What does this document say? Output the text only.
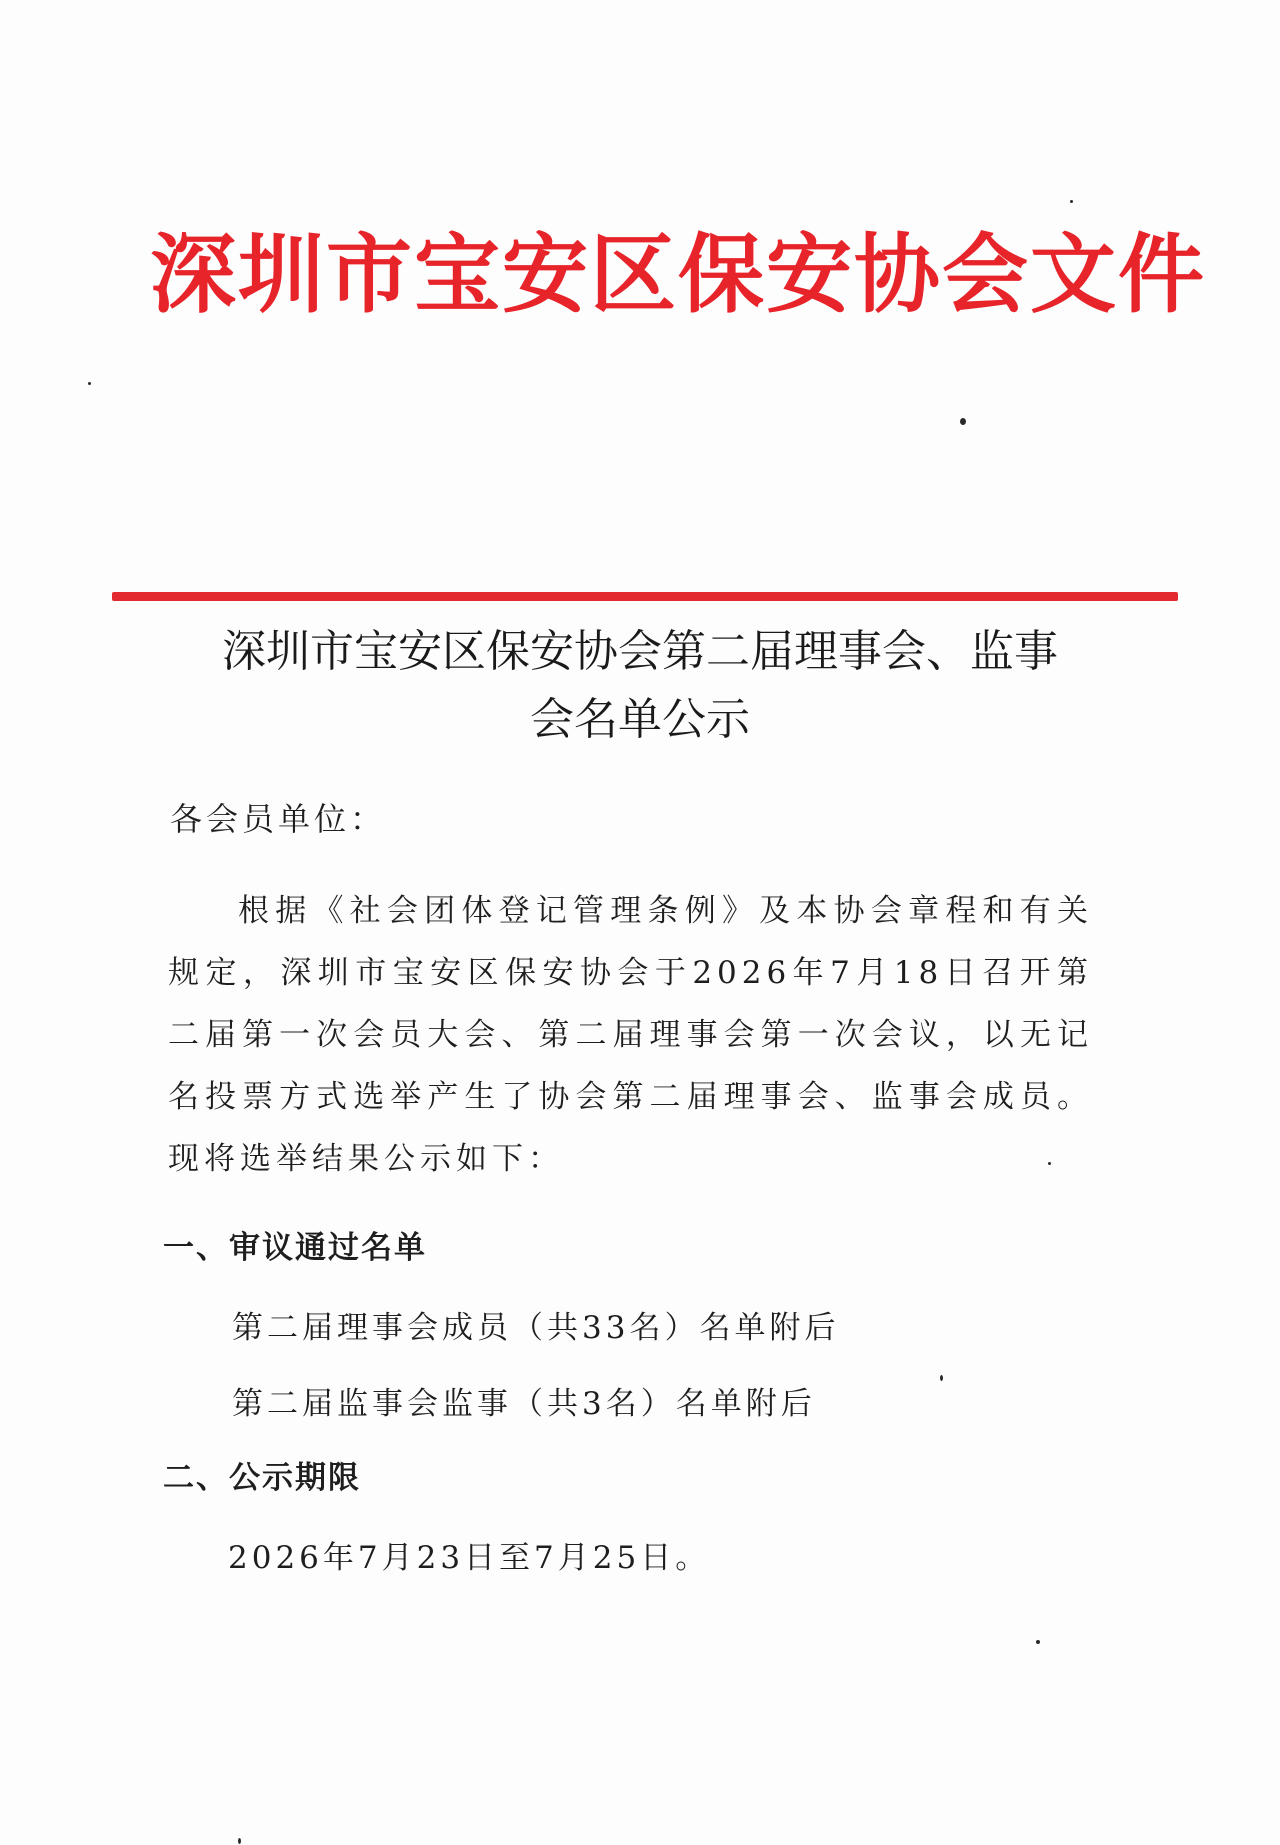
深圳市宝安区保安协会文件
深圳市宝安区保安协会第二届理事会、监事
会名单公示
各会员单位：
根据《社会团体登记管理条例》及本协会章程和有关规定，深圳市宝安区保安协会于2026年7月18日召开第二届第一次会员大会、第二届理事会第一次会议，以无记名投票方式选举产生了协会第二届理事会、监事会成员。现将选举结果公示如下：
一、审议通过名单
第二届理事会成员（共33名）名单附后
第二届监事会监事（共3名）名单附后
二、公示期限
2026年7月23日至7月25日。
